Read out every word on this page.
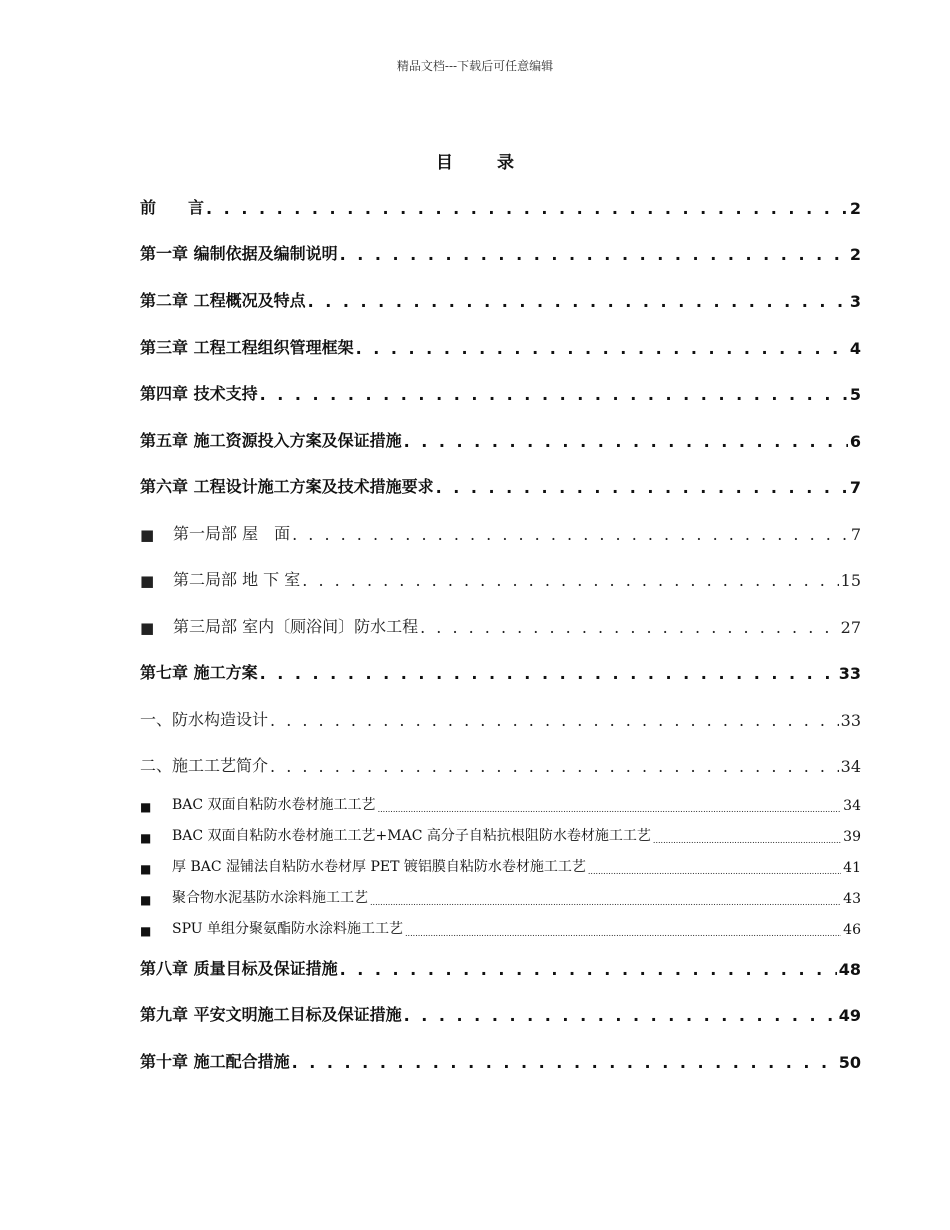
精品文档---下载后可任意编辑
目	录
前　　言 . . .	2
第一章 编制依据及编制说明 . . .	2
第二章 工程概况及特点 . . .	3
第三章 工程工程组织管理框架 . . .	4
第四章 技术支持 . . .	5
第五章 施工资源投入方案及保证措施 . . .	6
第六章 工程设计施工方案及技术措施要求 . . .	7
■	第一局部 屋　面 . . .	7
■	第二局部 地 下 室 . . .	15
■	第三局部 室内〔厕浴间〕防水工程 . . .	27
第七章 施工方案 . . .	33
一、防水构造设计 . . .	33
二、施工工艺简介 . . .	34
■	BAC 双面自粘防水卷材施工工艺 .....	34
■	BAC 双面自粘防水卷材施工工艺+MAC 高分子自粘抗根阻防水卷材施工工艺 .....	39
■	厚 BAC 湿铺法自粘防水卷材厚 PET 镀铝膜自粘防水卷材施工工艺 .....	41
■	聚合物水泥基防水涂料施工工艺 .....	43
■	SPU 单组分聚氨酯防水涂料施工工艺 .....	46
第八章 质量目标及保证措施 . . .	48
第九章 平安文明施工目标及保证措施 . . .	49
第十章 施工配合措施 . . .	50
